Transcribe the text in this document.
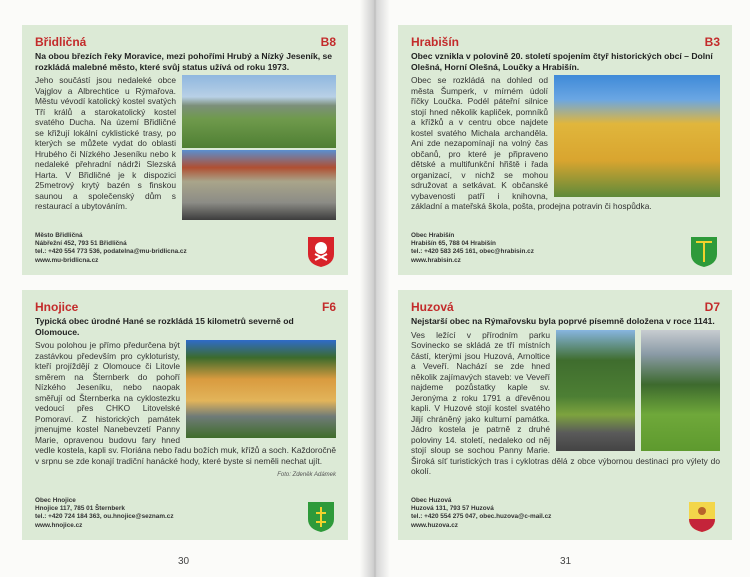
Břidličná	B8
Na obou březích řeky Moravice, mezi pohořími Hrubý a Nízký Jeseník, se rozkládá malebné město, které svůj status užívá od roku 1973.
Jeho součástí jsou nedaleké obce Vajglov a Albrechtice u Rýmařova. Městu vévodí katolický kostel svatých Tří králů a starokatolický kostel svatého Ducha. Na území Břidličné se křižují lokální cyklistické trasy, po kterých se můžete vydat do oblasti Hrubého či Nízkého Jeseníku nebo k nedaleké přehradní nádrži Slezská Harta. V Břidličné je k dispozici 25metrový krytý bazén s finskou saunou a společenský dům s restaurací a ubytováním.
Město Břidličná
Nábřežní 452, 793 51 Břidličná
tel.: +420 554 773 536, podatelna@mu-bridlicna.cz
www.mu-bridlicna.cz
Hrabišín	B3
Obec vznikla v polovině 20. století spojením čtyř historických obcí – Dolní Olešná, Horní Olešná, Loučky a Hrabišín.
Obec se rozkládá na dohled od města Šumperk, v mírném údolí říčky Loučka. Podél páteřní silnice stojí hned několik kapliček, pomníků a křížků a v centru obce najdete kostel svatého Michala archanděla. Ani zde nezapomínají na volný čas občanů, pro které je připraveno dětské a multifunkční hřiště i řada organizací, v nichž se mohou sdružovat a setkávat. K občanské vybavenosti patří i knihovna, základní a mateřská škola, pošta, prodejna potravin či hospůdka.
Obec Hrabišín
Hrabišín 65, 788 04 Hrabišín
tel.: +420 583 245 161, obec@hrabisin.cz
www.hrabisin.cz
Hnojice	F6
Typická obec úrodné Hané se rozkládá 15 kilometrů severně od Olomouce.
Svou polohou je přímo předurčena být zastávkou především pro cykloturisty, kteří projíždějí z Olomouce či Litovle směrem na Šternberk do pohoří Nízkého Jeseníku, nebo naopak směřují od Šternberka na cyklostezku vedoucí přes CHKO Litovelské Pomoraví. Z historických památek jmenujme kostel Nanebevzetí Panny Marie, opravenou budovu fary hned vedle kostela, kapli sv. Floriána nebo řadu božích muk, křížů a soch. Každoročně v srpnu se zde konají tradiční hanácké hody, které byste si neměli nechat ujít.
Foto: Zdeněk Adámek
Obec Hnojice
Hnojice 117, 785 01 Šternberk
tel.: +420 724 184 363, ou.hnojice@seznam.cz
www.hnojice.cz
Huzová	D7
Nejstarší obec na Rýmařovsku byla poprvé písemně doložena v roce 1141.
Ves ležící v přírodním parku Sovinecko se skládá ze tří místních částí, kterými jsou Huzová, Arnoltice a Veveří. Nachází se zde hned několik zajímavých staveb: ve Veveří najdeme pozůstatky kaple sv. Jeronýma z roku 1791 a dřevěnou kapli. V Huzové stojí kostel svatého Jiljí chráněný jako kulturní památka. Jádro kostela je patrně z druhé poloviny 14. století, nedaleko od něj stojí sloup se sochou Panny Marie. Široká síť turistických tras i cyklotras dělá z obce výbornou destinaci pro výlety do okolí.
Obec Huzová
Huzová 131, 793 57 Huzová
tel.: +420 554 275 047, obec.huzova@c-mail.cz
www.huzova.cz
30	31
